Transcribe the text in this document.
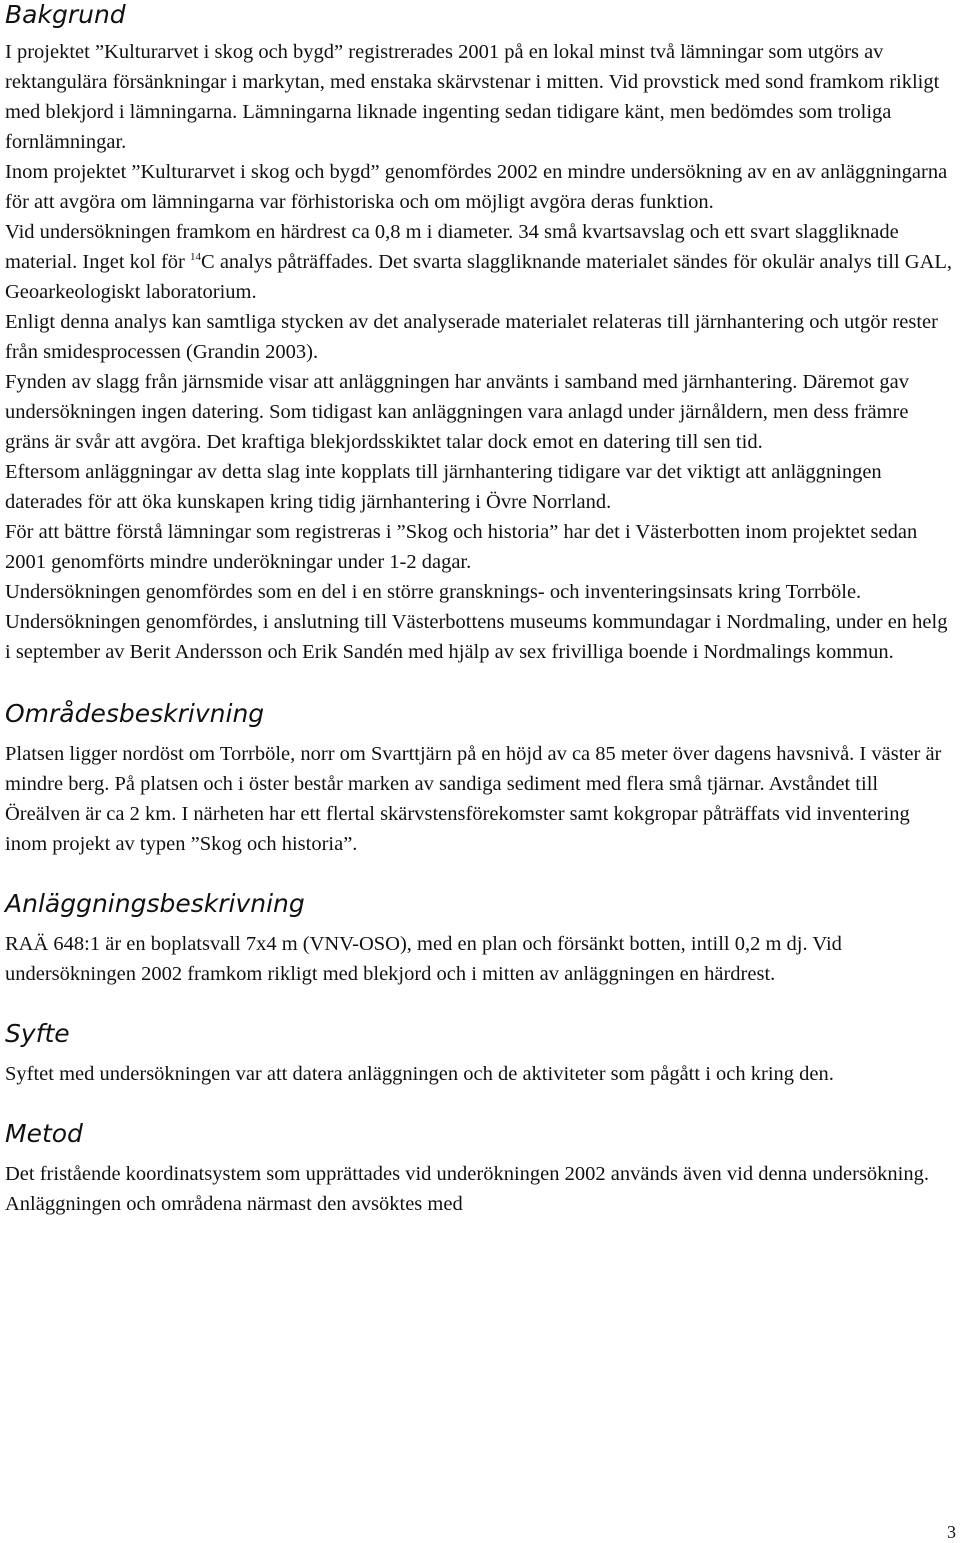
Bakgrund

I projektet ”Kulturarvet i skog och bygd” registrerades 2001 på en lokal minst två lämningar som utgörs av rektangulära försänkningar i markytan, med enstaka skärvstenar i mitten. Vid provstick med sond framkom rikligt med blekjord i lämningarna. Lämningarna liknade ingenting sedan tidigare känt, men bedömdes som troliga fornlämningar.

Inom projektet ”Kulturarvet i skog och bygd” genomfördes 2002 en mindre undersökning av en av anläggningarna för att avgöra om lämningarna var förhistoriska och om möjligt avgöra deras funktion.

Vid undersökningen framkom en härdrest ca 0,8 m i diameter. 34 små kvartsavslag och ett svart slaggliknade material. Inget kol för $^{14}$C analys påträffades. Det svarta slaggliknande materialet sändes för okulär analys till GAL, Geoarkeologiskt laboratorium.

Enligt denna analys kan samtliga stycken av det analyserade materialet relateras till järnhantering och utgör rester från smidesprocessen (Grandin 2003).

Fynden av slagg från järnsmide visar att anläggningen har använts i samband med järnhantering. Däremot gav undersökningen ingen datering. Som tidigast kan anläggningen vara anlagd under järnåldern, men dess främre gräns är svår att avgöra. Det kraftiga blekjordsskiktet talar dock emot en datering till sen tid.

Eftersom anläggningar av detta slag inte kopplats till järnhantering tidigare var det viktigt att anläggningen daterades för att öka kunskapen kring tidig järnhantering i Övre Norrland.

För att bättre förstå lämningar som registreras i ”Skog och historia” har det i Västerbotten inom projektet sedan 2001 genomförts mindre underökningar under 1-2 dagar.

Undersökningen genomfördes som en del i en större gransknings- och inventeringsinsats kring Torrböle. Undersökningen genomfördes, i anslutning till Västerbottens museums kommundagar i Nordmaling, under en helg i september av Berit Andersson och Erik Sandén med hjälp av sex frivilliga boende i Nordmalings kommun.

Områdesbeskrivning

Platsen ligger nordöst om Torrböle, norr om Svarttjärn på en höjd av ca 85 meter över dagens havsnivå. I väster är mindre berg. På platsen och i öster består marken av sandiga sediment med flera små tjärnar. Avståndet till Öreälven är ca 2 km. I närheten har ett flertal skärvstensförekomster samt kokgropar påträffats vid inventering inom projekt av typen ”Skog och historia”.

Anläggningsbeskrivning

RAÄ 648:1 är en boplatsvall 7x4 m (VNV-OSO), med en plan och försänkt botten, intill 0,2 m dj. Vid undersökningen 2002 framkom rikligt med blekjord och i mitten av anläggningen en härdrest.

Syfte

Syftet med undersökningen var att datera anläggningen och de aktiviteter som pågått i och kring den.

Metod

Det fristående koordinatsystem som upprättades vid underökningen 2002 används även vid denna undersökning. Anläggningen och områdena närmast den avsöktes med

3
